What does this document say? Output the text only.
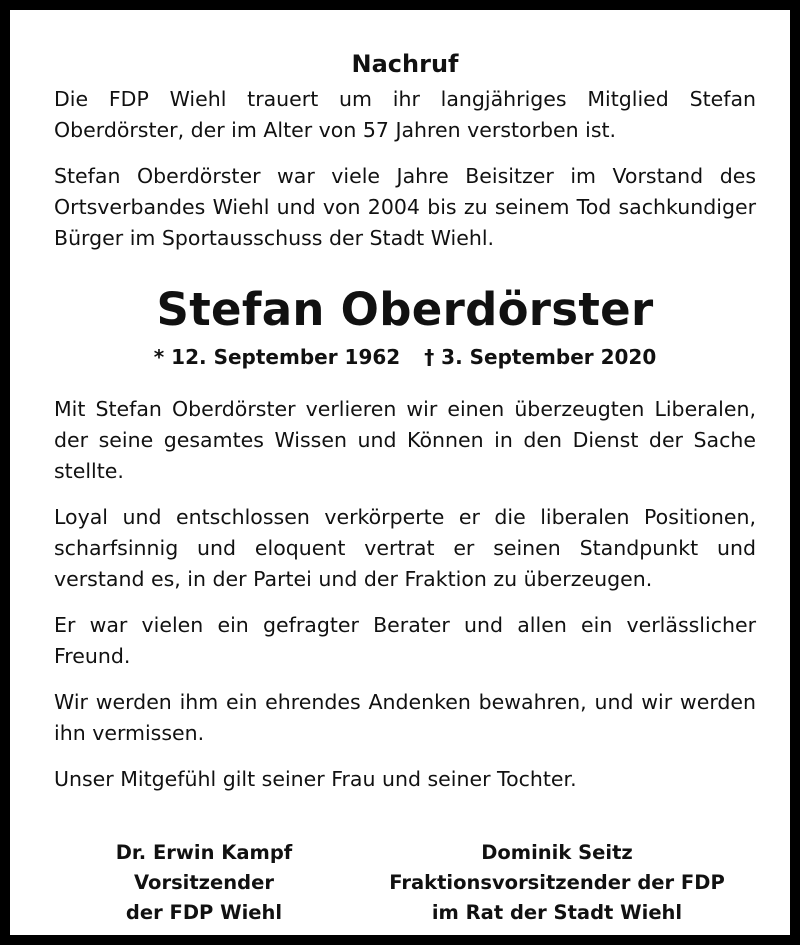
Nachruf

Die FDP Wiehl trauert um ihr langjähriges Mitglied Stefan Oberdörster, der im Alter von 57 Jahren verstorben ist.

Stefan Oberdörster war viele Jahre Beisitzer im Vorstand des Ortsverbandes Wiehl und von 2004 bis zu seinem Tod sachkundiger Bürger im Sportausschuss der Stadt Wiehl.

Stefan Oberdörster
* 12. September 1962 † 3. September 2020

Mit Stefan Oberdörster verlieren wir einen überzeugten Liberalen, der seine gesamtes Wissen und Können in den Dienst der Sache stellte.

Loyal und entschlossen verkörperte er die liberalen Positionen, scharfsinnig und eloquent vertrat er seinen Standpunkt und verstand es, in der Partei und der Fraktion zu überzeugen.

Er war vielen ein gefragter Berater und allen ein verlässlicher Freund.

Wir werden ihm ein ehrendes Andenken bewahren, und wir werden ihn vermissen.

Unser Mitgefühl gilt seiner Frau und seiner Tochter.

Dr. Erwin Kampf
Vorsitzender
der FDP Wiehl
Dominik Seitz
Fraktionsvorsitzender der FDP
im Rat der Stadt Wiehl
